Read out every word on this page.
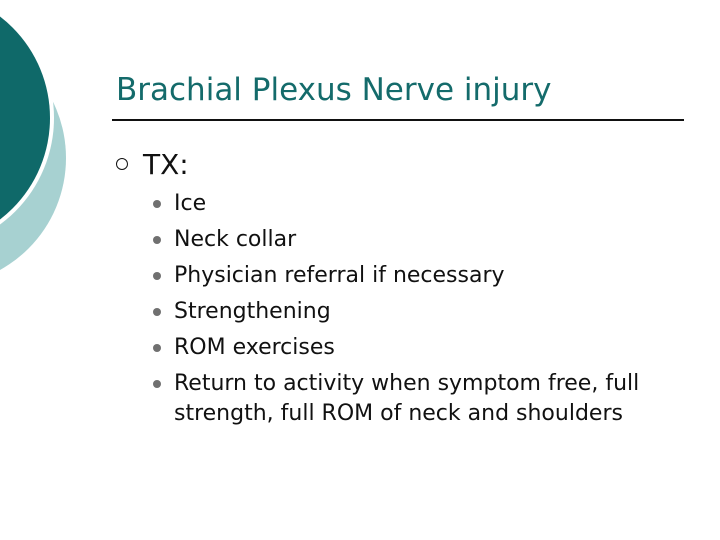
Brachial Plexus Nerve injury
TX:
Ice
Neck collar
Physician referral if necessary
Strengthening
ROM exercises
Return to activity when symptom free, full strength, full ROM of neck and shoulders
